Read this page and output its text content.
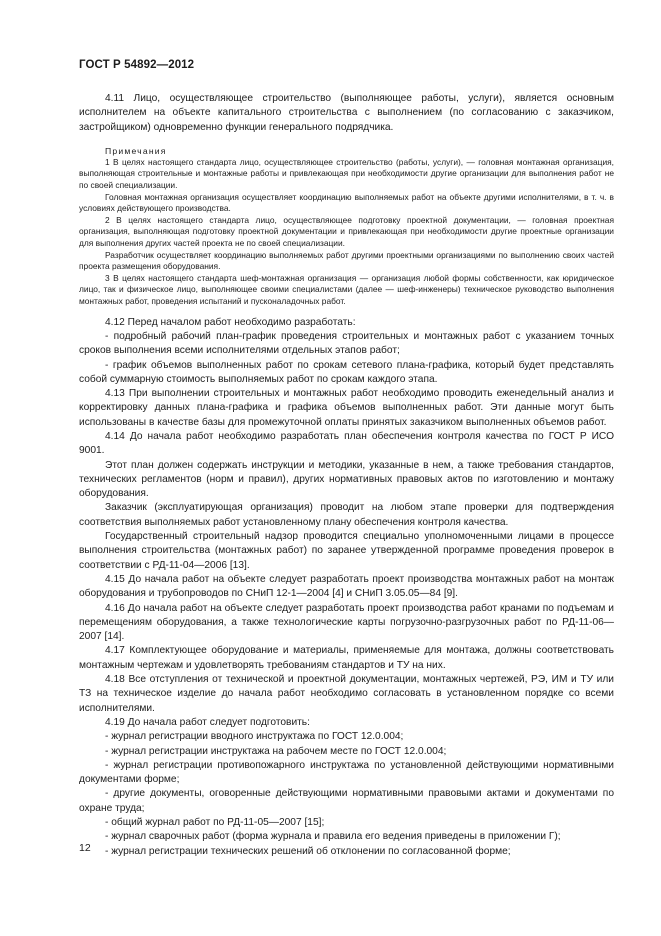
ГОСТ Р 54892—2012

4.11 Лицо, осуществляющее строительство (выполняющее работы, услуги), является основным исполнителем на объекте капитального строительства с выполнением (по согласованию с заказчиком, застройщиком) одновременно функции генерального подрядчика.

Примечания

1 В целях настоящего стандарта лицо, осуществляющее строительство (работы, услуги), — головная монтажная организация, выполняющая строительные и монтажные работы и привлекающая при необходимости другие организации для выполнения работ не по своей специализации.

Головная монтажная организация осуществляет координацию выполняемых работ на объекте другими исполнителями, в т. ч. в условиях действующего производства.

2 В целях настоящего стандарта лицо, осуществляющее подготовку проектной документации, — головная проектная организация, выполняющая подготовку проектной документации и привлекающая при необходимости другие проектные организации для выполнения других частей проекта не по своей специализации.

Разработчик осуществляет координацию выполняемых работ другими проектными организациями по выполнению своих частей проекта размещения оборудования.

3 В целях настоящего стандарта шеф-монтажная организация — организация любой формы собственности, как юридическое лицо, так и физическое лицо, выполняющее своими специалистами (далее — шеф-инженеры) техническое руководство выполнения монтажных работ, проведения испытаний и пусконаладочных работ.

4.12 Перед началом работ необходимо разработать:

- подробный рабочий план-график проведения строительных и монтажных работ с указанием точных сроков выполнения всеми исполнителями отдельных этапов работ;

- график объемов выполненных работ по срокам сетевого плана-графика, который будет представлять собой суммарную стоимость выполняемых работ по срокам каждого этапа.

4.13 При выполнении строительных и монтажных работ необходимо проводить еженедельный анализ и корректировку данных плана-графика и графика объемов выполненных работ. Эти данные могут быть использованы в качестве базы для промежуточной оплаты принятых заказчиком выполненных объемов работ.

4.14 До начала работ необходимо разработать план обеспечения контроля качества по ГОСТ Р ИСО 9001.

Этот план должен содержать инструкции и методики, указанные в нем, а также требования стандартов, технических регламентов (норм и правил), других нормативных правовых актов по изготовлению и монтажу оборудования.

Заказчик (эксплуатирующая организация) проводит на любом этапе проверки для подтверждения соответствия выполняемых работ установленному плану обеспечения контроля качества.

Государственный строительный надзор проводится специально уполномоченными лицами в процессе выполнения строительства (монтажных работ) по заранее утвержденной программе проведения проверок в соответствии с РД-11-04—2006 [13].

4.15 До начала работ на объекте следует разработать проект производства монтажных работ на монтаж оборудования и трубопроводов по СНиП 12-1—2004 [4] и СНиП 3.05.05—84 [9].

4.16 До начала работ на объекте следует разработать проект производства работ кранами по подъемам и перемещениям оборудования, а также технологические карты погрузочно-разгрузочных работ по РД-11-06—2007 [14].

4.17 Комплектующее оборудование и материалы, применяемые для монтажа, должны соответствовать монтажным чертежам и удовлетворять требованиям стандартов и ТУ на них.

4.18 Все отступления от технической и проектной документации, монтажных чертежей, РЭ, ИМ и ТУ или ТЗ на техническое изделие до начала работ необходимо согласовать в установленном порядке со всеми исполнителями.

4.19 До начала работ следует подготовить:

- журнал регистрации вводного инструктажа по ГОСТ 12.0.004;

- журнал регистрации инструктажа на рабочем месте по ГОСТ 12.0.004;

- журнал регистрации противопожарного инструктажа по установленной действующими нормативными документами форме;

- другие документы, оговоренные действующими нормативными правовыми актами и документами по охране труда;

- общий журнал работ по РД-11-05—2007 [15];

- журнал сварочных работ (форма журнала и правила его ведения приведены в приложении Г);

- журнал регистрации технических решений об отклонении по согласованной форме;

12
